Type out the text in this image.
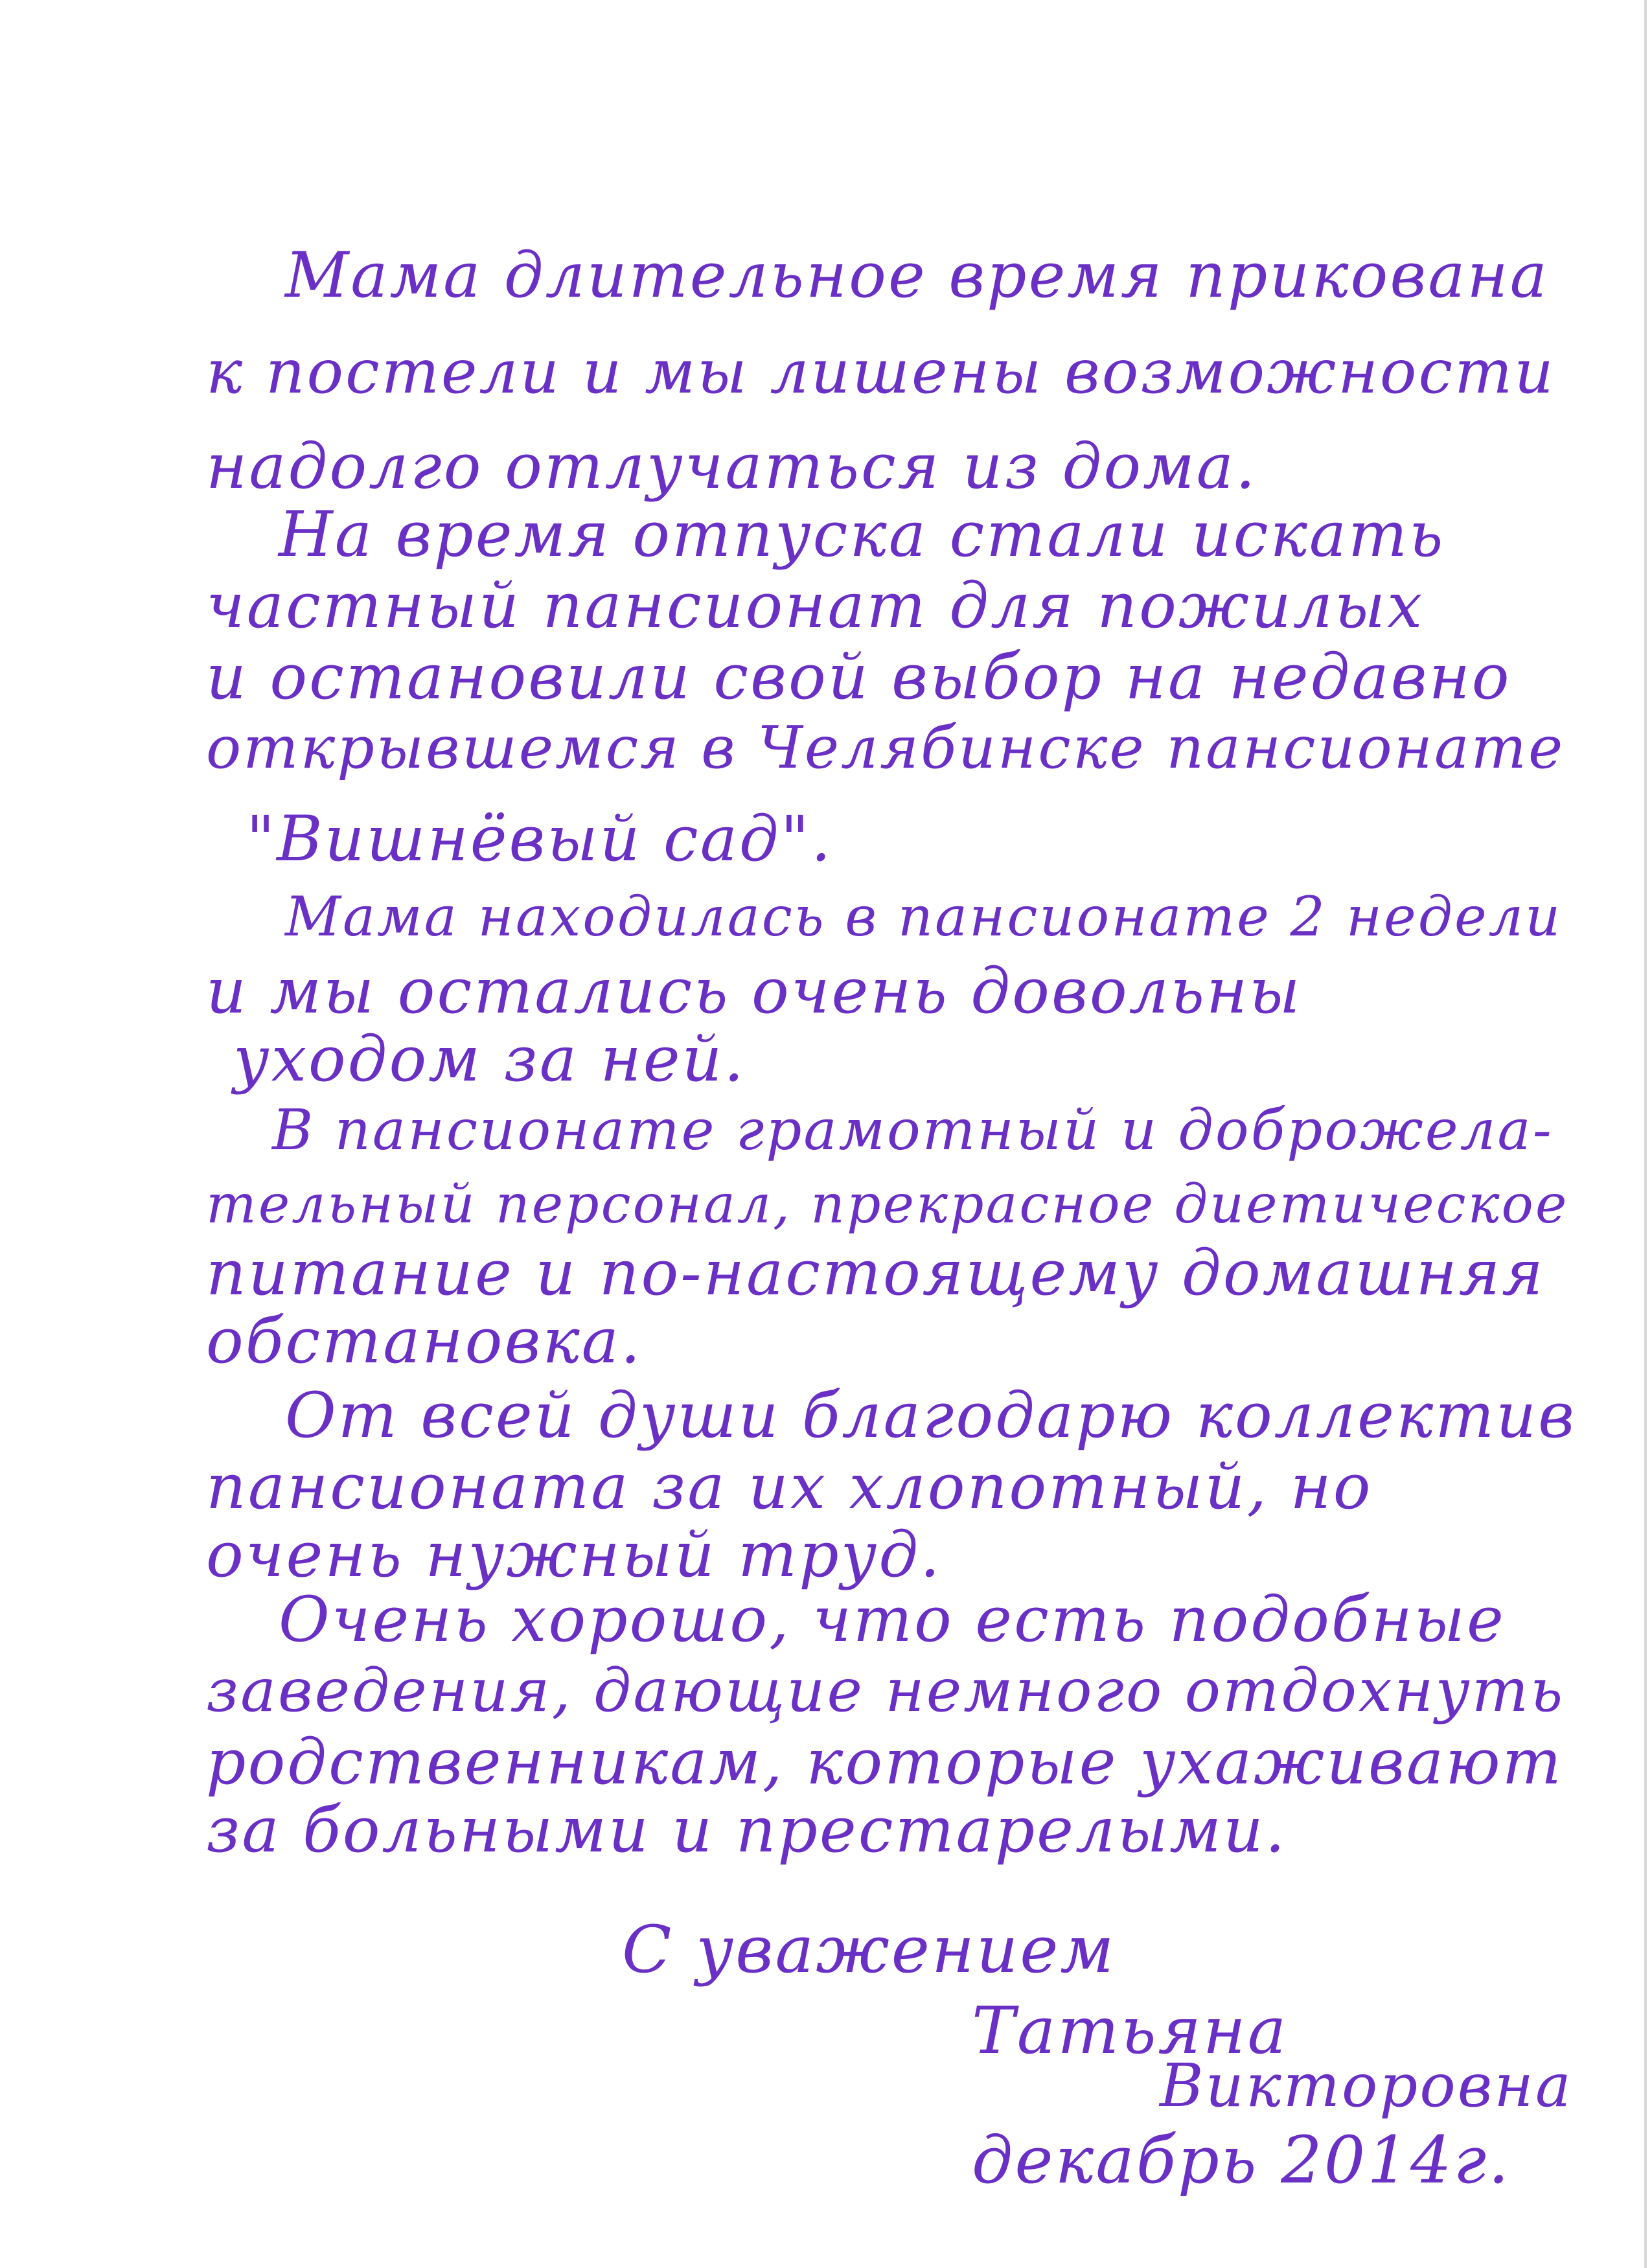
Мама длительное время прикована

к постели и мы лишены возможности

надолго отлучаться из дома.

На время отпуска стали искать

частный пансионат для пожилых

и остановили свой выбор на недавно

открывшемся в Челябинске пансионате

"Вишнёвый сад".

Мама находилась в пансионате 2 недели

и мы остались очень довольны

уходом за ней.

В пансионате грамотный и доброжела-

тельный персонал, прекрасное диетическое

питание и по-настоящему домашняя

обстановка.

От всей души благодарю коллектив

пансионата за их хлопотный, но

очень нужный труд.

Очень хорошо, что есть подобные

заведения, дающие немного отдохнуть

родственникам, которые ухаживают

за больными и престарелыми.

С уважением

Татьяна

Викторовна

декабрь 2014г.
